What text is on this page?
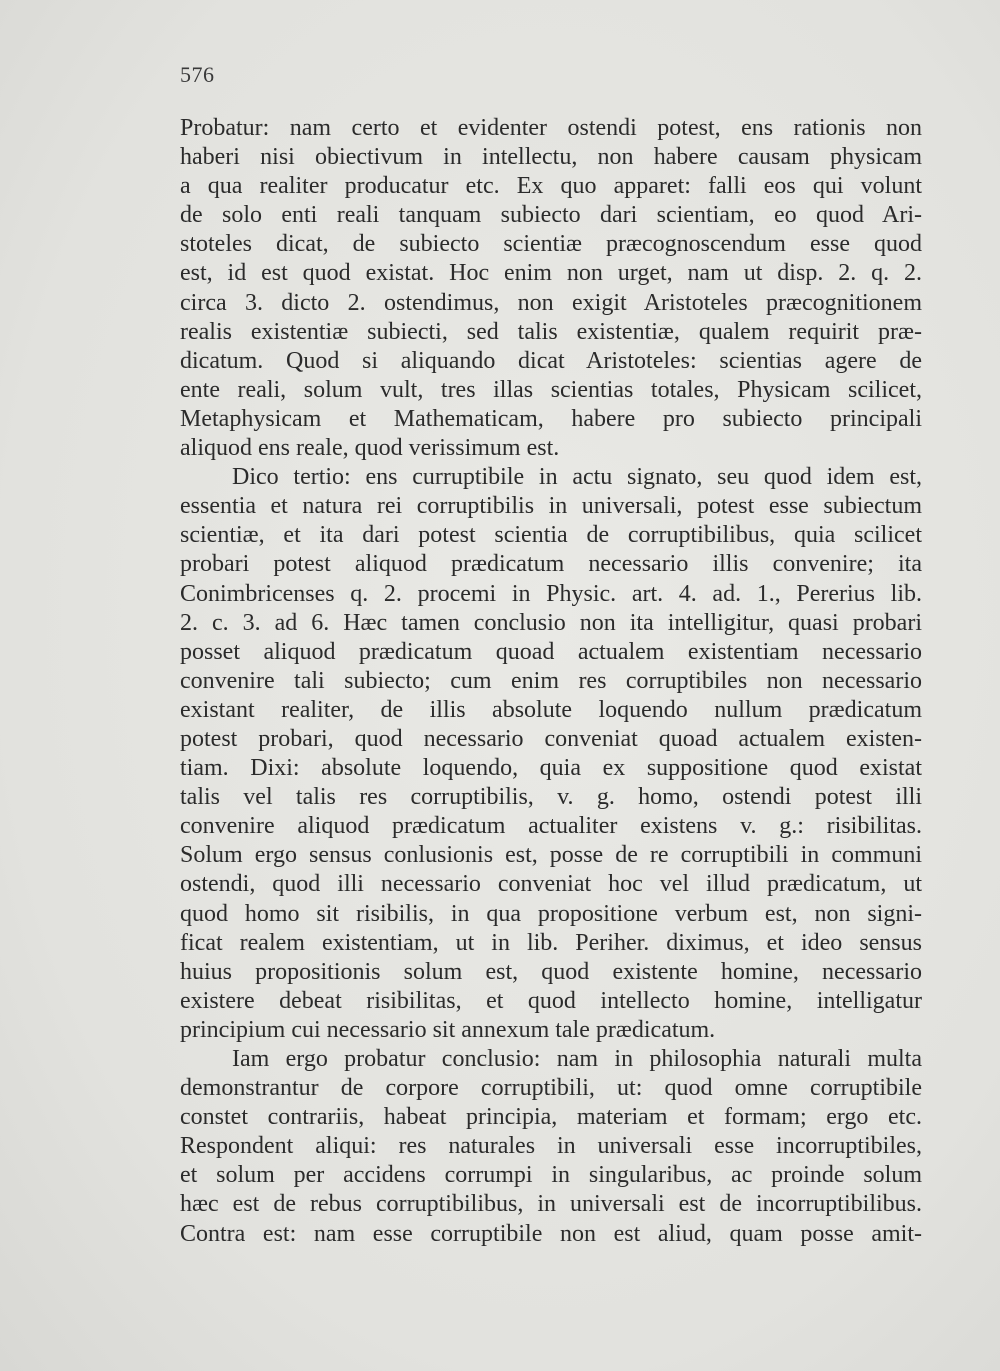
576
Probatur: nam certo et evidenter ostendi potest, ens rationis non
haberi nisi obiectivum in intellectu, non habere causam physicam
a qua realiter producatur etc. Ex quo apparet: falli eos qui volunt
de solo enti reali tanquam subiecto dari scientiam, eo quod Ari-
stoteles dicat, de subiecto scientiæ præcognoscendum esse quod
est, id est quod existat. Hoc enim non urget, nam ut disp. 2. q. 2.
circa 3. dicto 2. ostendimus, non exigit Aristoteles præcognitionem
realis existentiæ subiecti, sed talis existentiæ, qualem requirit præ-
dicatum. Quod si aliquando dicat Aristoteles: scientias agere de
ente reali, solum vult, tres illas scientias totales, Physicam scilicet,
Metaphysicam et Mathematicam, habere pro subiecto principali
aliquod ens reale, quod verissimum est.
Dico tertio: ens curruptibile in actu signato, seu quod idem est,
essentia et natura rei corruptibilis in universali, potest esse subiectum
scientiæ, et ita dari potest scientia de corruptibilibus, quia scilicet
probari potest aliquod prædicatum necessario illis convenire; ita
Conimbricenses q. 2. procemi in Physic. art. 4. ad. 1., Pererius lib.
2. c. 3. ad 6. Hæc tamen conclusio non ita intelligitur, quasi probari
posset aliquod prædicatum quoad actualem existentiam necessario
convenire tali subiecto; cum enim res corruptibiles non necessario
existant realiter, de illis absolute loquendo nullum prædicatum
potest probari, quod necessario conveniat quoad actualem existen-
tiam. Dixi: absolute loquendo, quia ex suppositione quod existat
talis vel talis res corruptibilis, v. g. homo, ostendi potest illi
convenire aliquod prædicatum actualiter existens v. g.: risibilitas.
Solum ergo sensus conlusionis est, posse de re corruptibili in communi
ostendi, quod illi necessario conveniat hoc vel illud prædicatum, ut
quod homo sit risibilis, in qua propositione verbum est, non signi-
ficat realem existentiam, ut in lib. Periher. diximus, et ideo sensus
huius propositionis solum est, quod existente homine, necessario
existere debeat risibilitas, et quod intellecto homine, intelligatur
principium cui necessario sit annexum tale prædicatum.
Iam ergo probatur conclusio: nam in philosophia naturali multa
demonstrantur de corpore corruptibili, ut: quod omne corruptibile
constet contrariis, habeat principia, materiam et formam; ergo etc.
Respondent aliqui: res naturales in universali esse incorruptibiles,
et solum per accidens corrumpi in singularibus, ac proinde solum
hæc est de rebus corruptibilibus, in universali est de incorruptibilibus.
Contra est: nam esse corruptibile non est aliud, quam posse amit-
